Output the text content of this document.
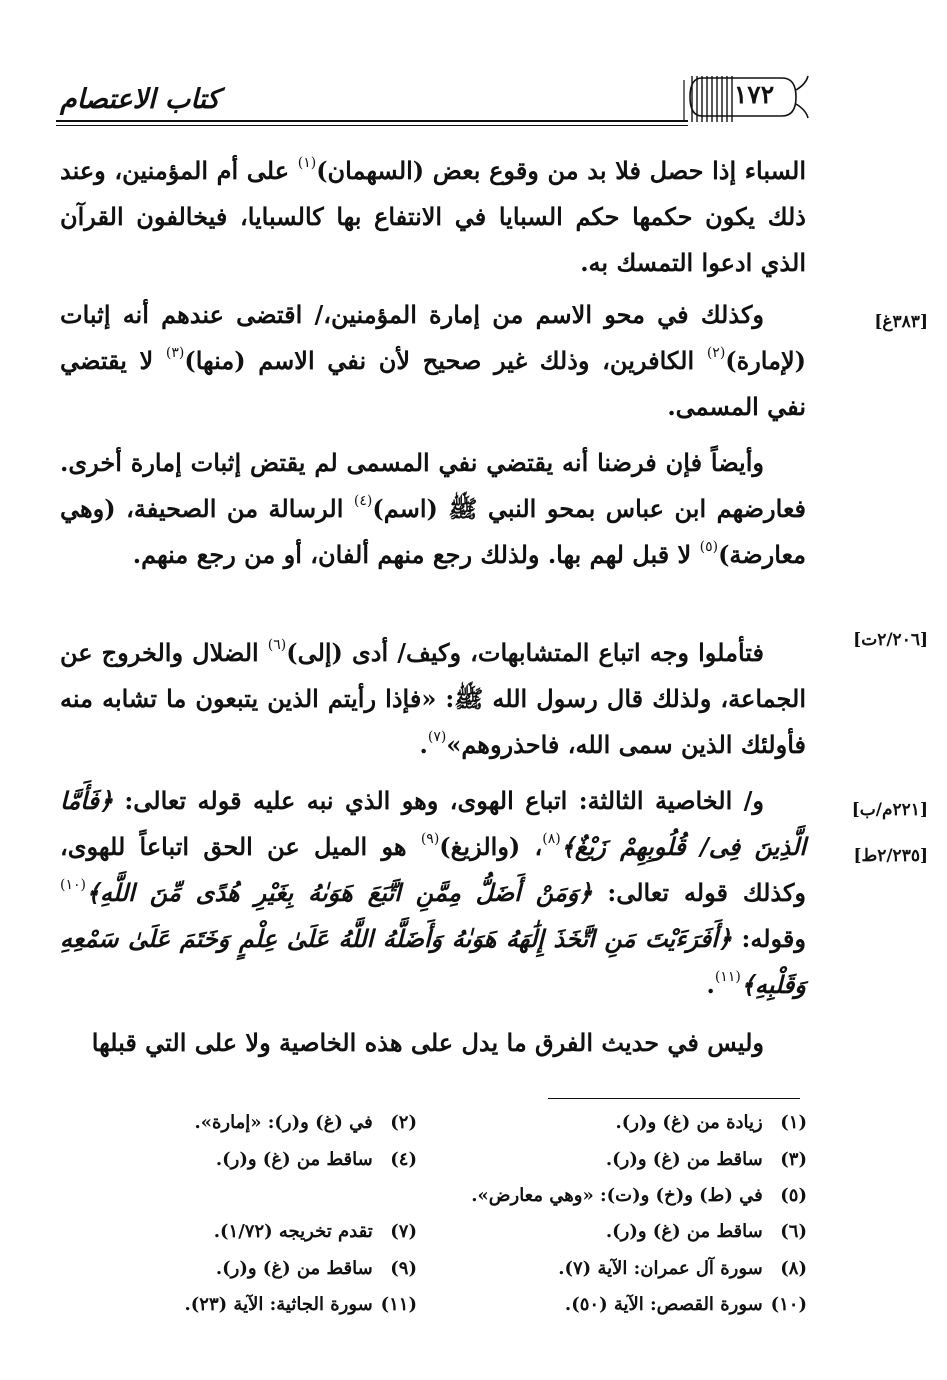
كتاب الاعتصام	١٧٢
السباء إذا حصل فلا بد من وقوع بعض (السهمان)$^{(١)}$ على أم المؤمنين، وعند ذلك يكون حكمها حكم السبايا في الانتفاع بها كالسبايا، فيخالفون القرآن الذي ادعوا التمسك به.
[٣٨٣غ]
وكذلك في محو الاسم من إمارة المؤمنين،/ اقتضى عندهم أنه إثبات (لإمارة)$^{(٢)}$ الكافرين، وذلك غير صحيح لأن نفي الاسم (منها)$^{(٣)}$ لا يقتضي نفي المسمى.
وأيضاً فإن فرضنا أنه يقتضي نفي المسمى لم يقتض إثبات إمارة أخرى. فعارضهم ابن عباس بمحو النبي ﷺ (اسم)$^{(٤)}$ الرسالة من الصحيفة، (وهي معارضة)$^{(٥)}$ لا قبل لهم بها. ولذلك رجع منهم ألفان، أو من رجع منهم.
[٢/٢٠٦ت]
فتأملوا وجه اتباع المتشابهات، وكيف/ أدى (إلى)$^{(٦)}$ الضلال والخروج عن الجماعة، ولذلك قال رسول الله ﷺ: «فإذا رأيتم الذين يتبعون ما تشابه منه فأولئك الذين سمى الله، فاحذروهم»$^{(٧)}$.
[٢٢١م/ب]
[٢/٢٣٥ط]
و/ الخاصية الثالثة: اتباع الهوى، وهو الذي نبه عليه قوله تعالى: ﴿فَأَمَّا الَّذِينَ فِى/ قُلُوبِهِمْ زَيْغٌ﴾$^{(٨)}$، (والزيغ)$^{(٩)}$ هو الميل عن الحق اتباعاً للهوى، وكذلك قوله تعالى: ﴿وَمَنْ أَضَلُّ مِمَّنِ اتَّبَعَ هَوَىٰهُ بِغَيْرِ هُدًى مِّنَ اللَّهِ﴾$^{(١٠)}$ وقوله: ﴿أَفَرَءَيْتَ مَنِ اتَّخَذَ إِلَٰهَهُ هَوَىٰهُ وَأَضَلَّهُ اللَّهُ عَلَىٰ عِلْمٍ وَخَتَمَ عَلَىٰ سَمْعِهِ وَقَلْبِهِ﴾$^{(١١)}$.
وليس في حديث الفرق ما يدل على هذه الخاصية ولا على التي قبلها
(١) زيادة من (غ) و(ر).
(٢) في (غ) و(ر): «إمارة».
(٣) ساقط من (غ) و(ر).
(٤) ساقط من (غ) و(ر).
(٥) في (ط) و(خ) و(ت): «وهي معارض».
(٦) ساقط من (غ) و(ر).
(٧) تقدم تخريجه (١/٧٢).
(٨) سورة آل عمران: الآية (٧).
(٩) ساقط من (غ) و(ر).
(١٠) سورة القصص: الآية (٥٠).
(١١) سورة الجاثية: الآية (٢٣).
